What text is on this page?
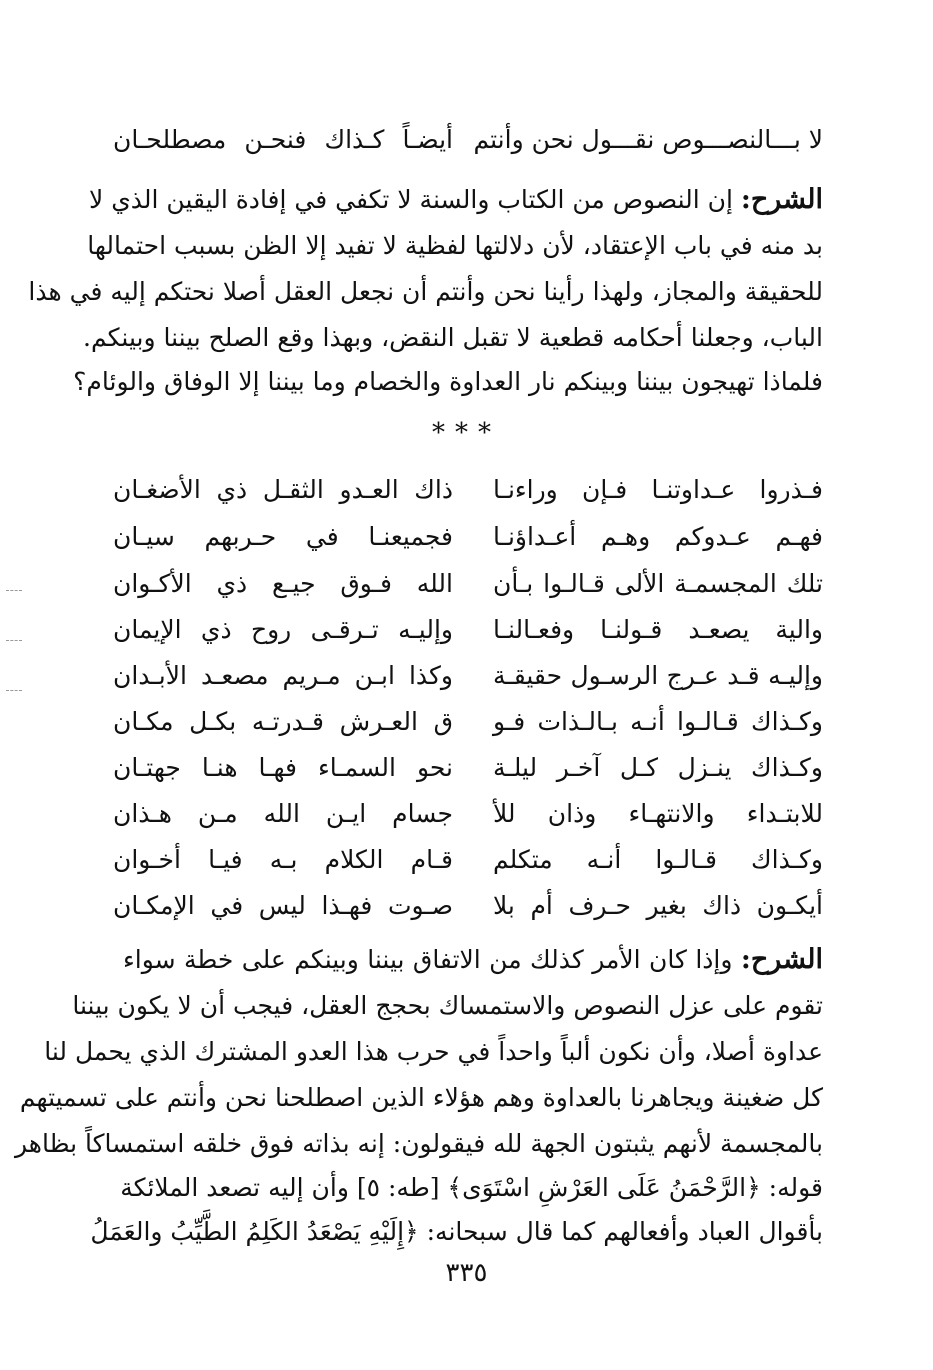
لا بـــالنصـــوص نقـــول نحن وأنتم
أيضـاً كـذاك فنحـن مصطلحـان
الشرح: إن النصوص من الكتاب والسنة لا تكفي في إفادة اليقين الذي لا
بد منه في باب الإعتقاد، لأن دلالتها لفظية لا تفيد إلا الظن بسبب احتمالها
للحقيقة والمجاز، ولهذا رأينا نحن وأنتم أن نجعل العقل أصلا نحتكم إليه في هذا
الباب، وجعلنا أحكامه قطعية لا تقبل النقض، وبهذا وقع الصلح بيننا وبينكم.
فلماذا تهيجون بيننا وبينكم نار العداوة والخصام وما بيننا إلا الوفاق والوئام؟
***
فـذروا عـداوتنـا فـإن وراءنـا
ذاك العـدو الثقـل ذي الأضغـان
فهـم عـدوكم وهـم أعـداؤنـا
فجميعنـا في حـربهم سيـان
تلك المجسمـة الألى قـالـوا بـأن
الله فـوق جيـع ذي الأكـوان
والية يصعـد قـولنـا وفعـالنـا
وإليـه تـرقـى روح ذي الإيمان
وإليـه قـد عـرج الرسـول حقيقـة
وكذا ابـن مـريم مصعـد الأبـدان
وكـذاك قـالـوا أنـه بـالـذات فـو
ق العـرش قـدرتـه بكـل مكـان
وكـذاك ينـزل كـل آخـر ليلـة
نحو السمـاء فهـا هنـا جهتـان
للابتـداء والانتهـاء وذان للأ
جسام ايـن الله مـن هـذان
وكـذاك قـالـوا أنـه متكلم
قـام الكلام بـه فيـا أخـوان
أيكـون ذاك بغير حـرف أم بلا
صـوت فهـذا ليس في الإمكـان
الشرح: وإذا كان الأمر كذلك من الاتفاق بيننا وبينكم على خطة سواء
تقوم على عزل النصوص والاستمساك بحجج العقل، فيجب أن لا يكون بيننا
عداوة أصلا، وأن نكون ألباً واحداً في حرب هذا العدو المشترك الذي يحمل لنا
كل ضغينة ويجاهرنا بالعداوة وهم هؤلاء الذين اصطلحنا نحن وأنتم على تسميتهم
بالمجسمة لأنهم يثبتون الجهة لله فيقولون: إنه بذاته فوق خلقه استمساكاً بظاهر
قوله: ﴿الرَّحْمَنُ عَلَى العَرْشِ اسْتَوَى﴾ [طه: ٥] وأن إليه تصعد الملائكة
بأقوال العباد وأفعالهم كما قال سبحانه: ﴿إِلَيْهِ يَصْعَدُ الكَلِمُ الطَّيِّبُ والعَمَلُ
٣٣٥
